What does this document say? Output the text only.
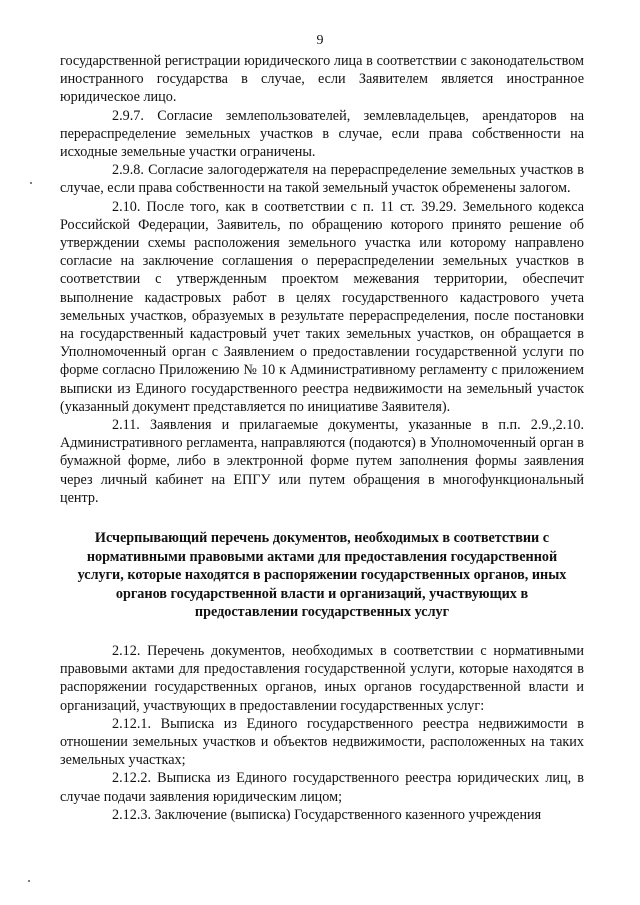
9

государственной регистрации юридического лица в соответствии с законодательством иностранного государства в случае, если Заявителем является иностранное юридическое лицо.

2.9.7. Согласие землепользователей, землевладельцев, арендаторов на перераспределение земельных участков в случае, если права собственности на исходные земельные участки ограничены.

2.9.8. Согласие залогодержателя на перераспределение земельных участков в случае, если права собственности на такой земельный участок обременены залогом.

2.10. После того, как в соответствии с п. 11 ст. 39.29. Земельного кодекса Российской Федерации, Заявитель, по обращению которого принято решение об утверждении схемы расположения земельного участка или которому направлено согласие на заключение соглашения о перераспределении земельных участков в соответствии с утвержденным проектом межевания территории, обеспечит выполнение кадастровых работ в целях государственного кадастрового учета земельных участков, образуемых в результате перераспределения, после постановки на государственный кадастровый учет таких земельных участков, он обращается в Уполномоченный орган с Заявлением о предоставлении государственной услуги по форме согласно Приложению № 10 к Административному регламенту с приложением выписки из Единого государственного реестра недвижимости на земельный участок (указанный документ представляется по инициативе Заявителя).

2.11. Заявления и прилагаемые документы, указанные в п.п. 2.9.,2.10. Административного регламента, направляются (подаются) в Уполномоченный орган в бумажной форме, либо в электронной форме путем заполнения формы заявления через личный кабинет на ЕПГУ или путем обращения в многофункциональный центр.

Исчерпывающий перечень документов, необходимых в соответствии с нормативными правовыми актами для предоставления государственной услуги, которые находятся в распоряжении государственных органов, иных органов государственной власти и организаций, участвующих в предоставлении государственных услуг

2.12. Перечень документов, необходимых в соответствии с нормативными правовыми актами для предоставления государственной услуги, которые находятся в распоряжении государственных органов, иных органов государственной власти и организаций, участвующих в предоставлении государственных услуг:

2.12.1. Выписка из Единого государственного реестра недвижимости в отношении земельных участков и объектов недвижимости, расположенных на таких земельных участках;

2.12.2. Выписка из Единого государственного реестра юридических лиц, в случае подачи заявления юридическим лицом;

2.12.3. Заключение (выписка) Государственного казенного учреждения
